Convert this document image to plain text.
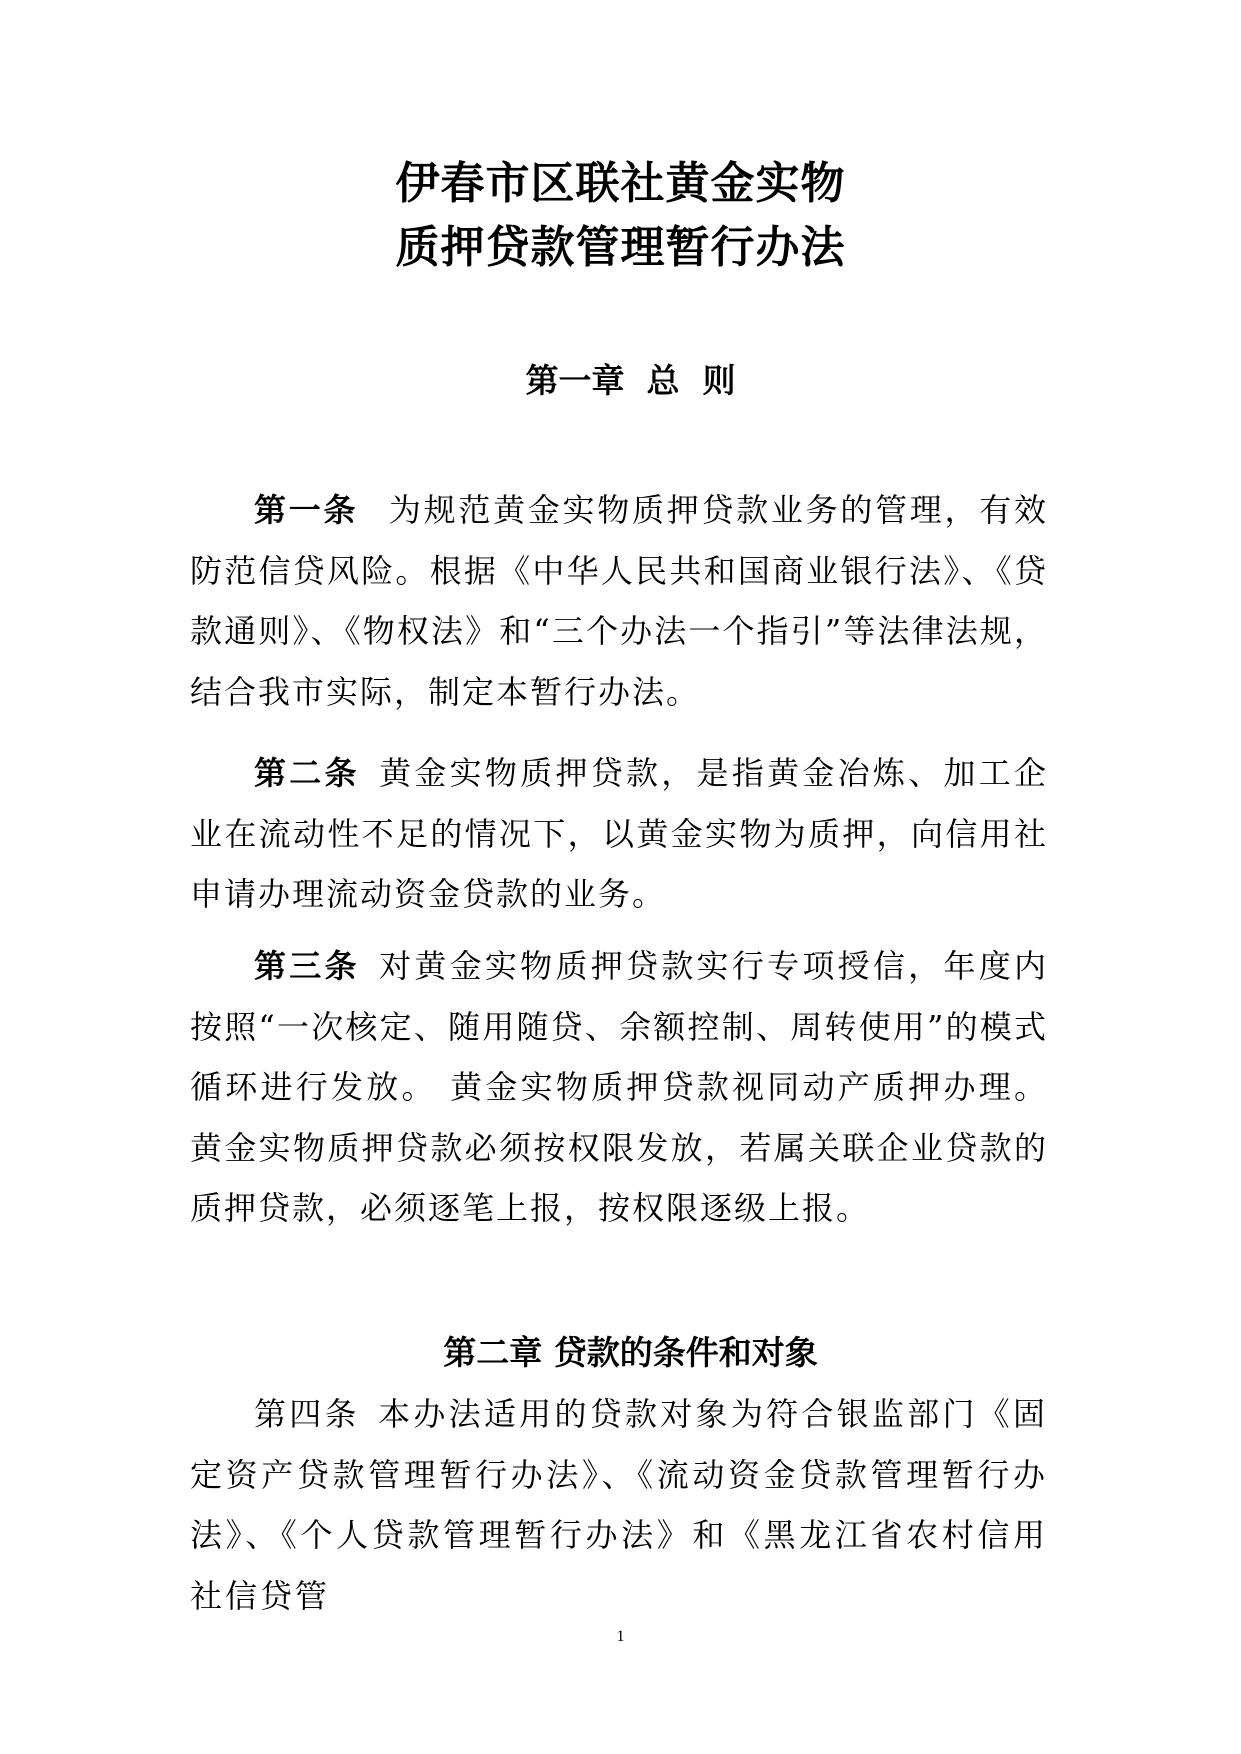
伊春市区联社黄金实物
质押贷款管理暂行办法
第一章 总  则
第一条 为规范黄金实物质押贷款业务的管理，有效防范信贷风险。根据《中华人民共和国商业银行法》、《贷款通则》、《物权法》和“三个办法一个指引”等法律法规，结合我市实际，制定本暂行办法。
第二条 黄金实物质押贷款，是指黄金冶炼、加工企业在流动性不足的情况下，以黄金实物为质押，向信用社申请办理流动资金贷款的业务。
第三条 对黄金实物质押贷款实行专项授信，年度内按照“一次核定、随用随贷、余额控制、周转使用”的模式循环进行发放。 黄金实物质押贷款视同动产质押办理。黄金实物质押贷款必须按权限发放，若属关联企业贷款的质押贷款，必须逐笔上报，按权限逐级上报。
第二章 贷款的条件和对象
第四条 本办法适用的贷款对象为符合银监部门《固定资产贷款管理暂行办法》、《流动资金贷款管理暂行办法》、《个人贷款管理暂行办法》和《黑龙江省农村信用社信贷管
1
